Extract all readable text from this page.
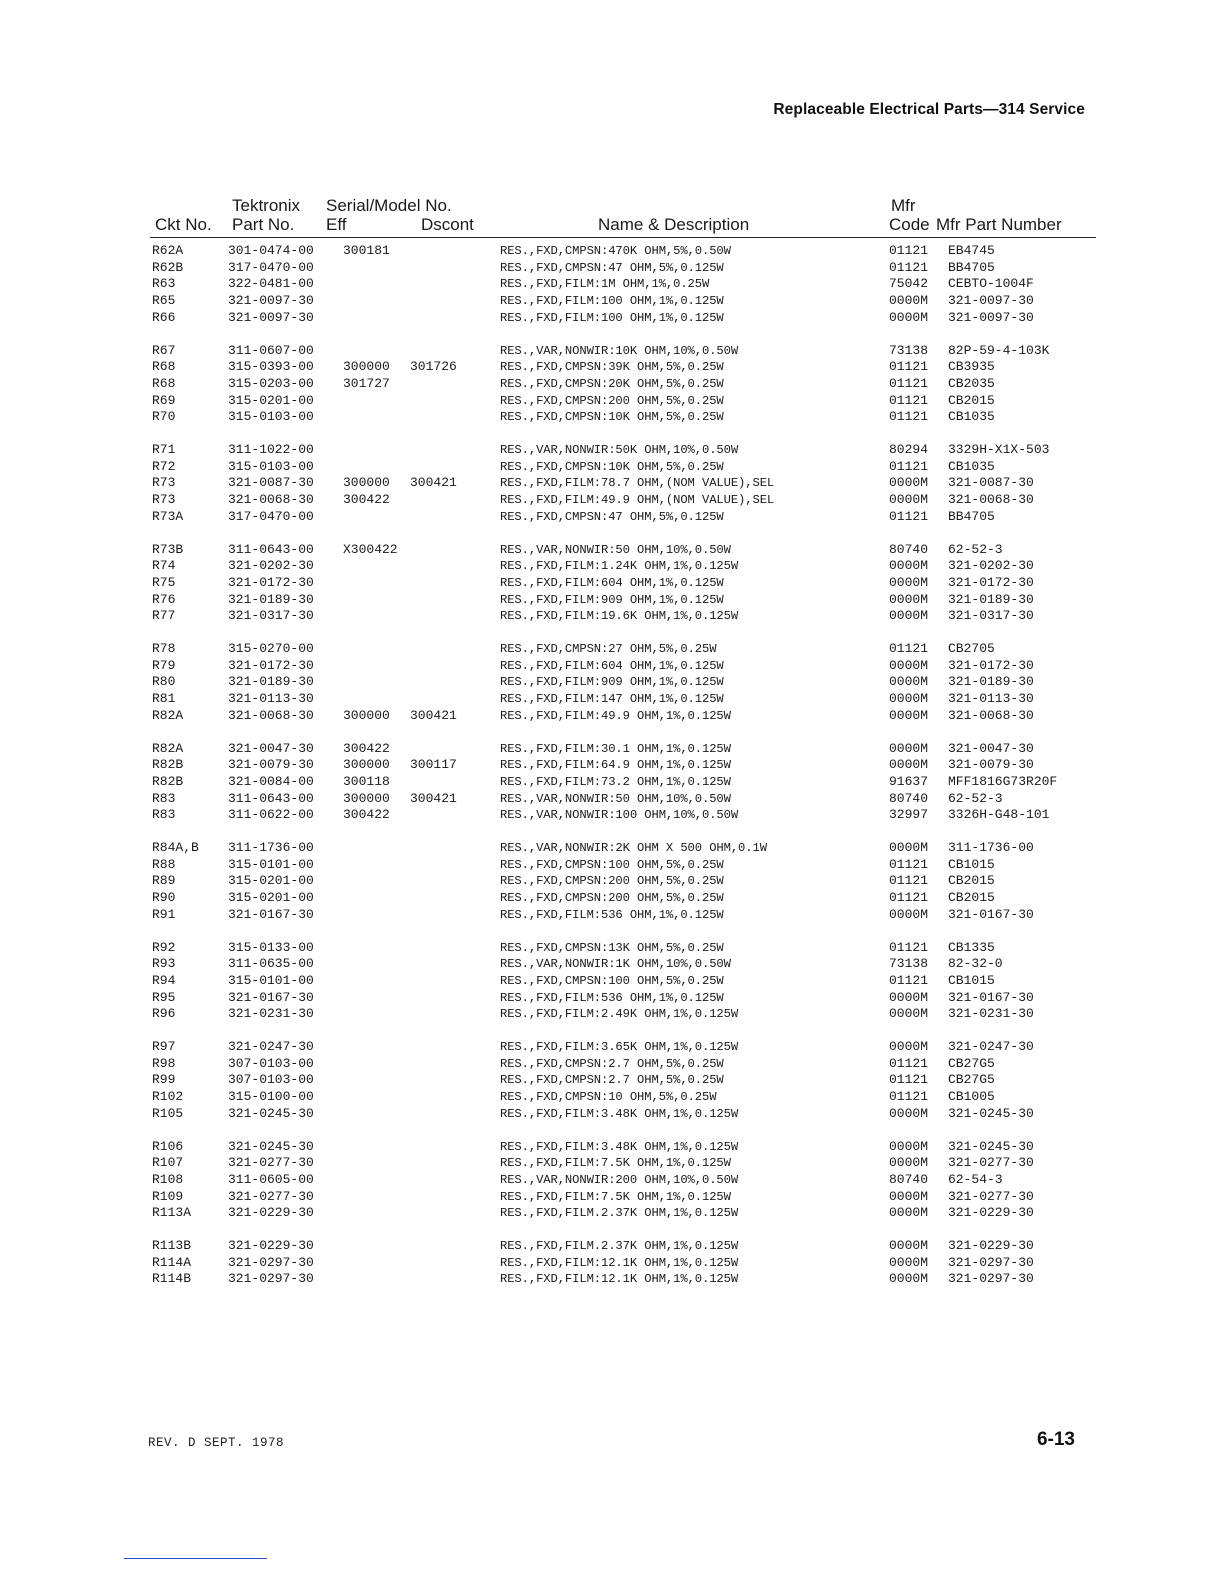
Replaceable Electrical Parts—314 Service
Tektronix Serial/Model No.	Mfr
Ckt No. Part No. Eff	Dscont	Name & Description	Code Mfr Part Number
R62A	301-0474-00 300181	RES.,FXD,CMPSN:470K OHM,5%,0.50W	01121 EB4745
R62B	317-0470-00	RES.,FXD,CMPSN:47 OHM,5%,0.125W	01121 BB4705
R63	322-0481-00	RES.,FXD,FILM:1M OHM,1%,0.25W	75042 CEBTO-1004F
R65	321-0097-30	RES.,FXD,FILM:100 OHM,1%,0.125W	0000M 321-0097-30
R66	321-0097-30	RES.,FXD,FILM:100 OHM,1%,0.125W	0000M 321-0097-30
R67	311-0607-00	RES.,VAR,NONWIR:10K OHM,10%,0.50W	73138 82P-59-4-103K
R68	315-0393-00 300000 301726	RES.,FXD,CMPSN:39K OHM,5%,0.25W	01121 CB3935
R68	315-0203-00 301727	RES.,FXD,CMPSN:20K OHM,5%,0.25W	01121 CB2035
R69	315-0201-00	RES.,FXD,CMPSN:200 OHM,5%,0.25W	01121 CB2015
R70	315-0103-00	RES.,FXD,CMPSN:10K OHM,5%,0.25W	01121 CB1035
R71	311-1022-00	RES.,VAR,NONWIR:50K OHM,10%,0.50W	80294 3329H-X1X-503
R72	315-0103-00	RES.,FXD,CMPSN:10K OHM,5%,0.25W	01121 CB1035
R73	321-0087-30 300000 300421	RES.,FXD,FILM:78.7 OHM,(NOM VALUE),SEL	0000M 321-0087-30
R73	321-0068-30 300422	RES.,FXD,FILM:49.9 OHM,(NOM VALUE),SEL	0000M 321-0068-30
R73A	317-0470-00	RES.,FXD,CMPSN:47 OHM,5%,0.125W	01121 BB4705
R73B	311-0643-00 X300422	RES.,VAR,NONWIR:50 OHM,10%,0.50W	80740 62-52-3
R74	321-0202-30	RES.,FXD,FILM:1.24K OHM,1%,0.125W	0000M 321-0202-30
R75	321-0172-30	RES.,FXD,FILM:604 OHM,1%,0.125W	0000M 321-0172-30
R76	321-0189-30	RES.,FXD,FILM:909 OHM,1%,0.125W	0000M 321-0189-30
R77	321-0317-30	RES.,FXD,FILM:19.6K OHM,1%,0.125W	0000M 321-0317-30
R78	315-0270-00	RES.,FXD,CMPSN:27 OHM,5%,0.25W	01121 CB2705
R79	321-0172-30	RES.,FXD,FILM:604 OHM,1%,0.125W	0000M 321-0172-30
R80	321-0189-30	RES.,FXD,FILM:909 OHM,1%,0.125W	0000M 321-0189-30
R81	321-0113-30	RES.,FXD,FILM:147 OHM,1%,0.125W	0000M 321-0113-30
R82A	321-0068-30 300000 300421	RES.,FXD,FILM:49.9 OHM,1%,0.125W	0000M 321-0068-30
R82A	321-0047-30 300422	RES.,FXD,FILM:30.1 OHM,1%,0.125W	0000M 321-0047-30
R82B	321-0079-30 300000 300117	RES.,FXD,FILM:64.9 OHM,1%,0.125W	0000M 321-0079-30
R82B	321-0084-00 300118	RES.,FXD,FILM:73.2 OHM,1%,0.125W	91637 MFF1816G73R20F
R83	311-0643-00 300000 300421	RES.,VAR,NONWIR:50 OHM,10%,0.50W	80740 62-52-3
R83	311-0622-00 300422	RES.,VAR,NONWIR:100 OHM,10%,0.50W	32997 3326H-G48-101
R84A,B 311-1736-00	RES.,VAR,NONWIR:2K OHM X 500 OHM,0.1W	0000M 311-1736-00
R88	315-0101-00	RES.,FXD,CMPSN:100 OHM,5%,0.25W	01121 CB1015
R89	315-0201-00	RES.,FXD,CMPSN:200 OHM,5%,0.25W	01121 CB2015
R90	315-0201-00	RES.,FXD,CMPSN:200 OHM,5%,0.25W	01121 CB2015
R91	321-0167-30	RES.,FXD,FILM:536 OHM,1%,0.125W	0000M 321-0167-30
R92	315-0133-00	RES.,FXD,CMPSN:13K OHM,5%,0.25W	01121 CB1335
R93	311-0635-00	RES.,VAR,NONWIR:1K OHM,10%,0.50W	73138 82-32-0
R94	315-0101-00	RES.,FXD,CMPSN:100 OHM,5%,0.25W	01121 CB1015
R95	321-0167-30	RES.,FXD,FILM:536 OHM,1%,0.125W	0000M 321-0167-30
R96	321-0231-30	RES.,FXD,FILM:2.49K OHM,1%,0.125W	0000M 321-0231-30
R97	321-0247-30	RES.,FXD,FILM:3.65K OHM,1%,0.125W	0000M 321-0247-30
R98	307-0103-00	RES.,FXD,CMPSN:2.7 OHM,5%,0.25W	01121 CB27G5
R99	307-0103-00	RES.,FXD,CMPSN:2.7 OHM,5%,0.25W	01121 CB27G5
R102	315-0100-00	RES.,FXD,CMPSN:10 OHM,5%,0.25W	01121 CB1005
R105	321-0245-30	RES.,FXD,FILM:3.48K OHM,1%,0.125W	0000M 321-0245-30
R106	321-0245-30	RES.,FXD,FILM:3.48K OHM,1%,0.125W	0000M 321-0245-30
R107	321-0277-30	RES.,FXD,FILM:7.5K OHM,1%,0.125W	0000M 321-0277-30
R108	311-0605-00	RES.,VAR,NONWIR:200 OHM,10%,0.50W	80740 62-54-3
R109	321-0277-30	RES.,FXD,FILM:7.5K OHM,1%,0.125W	0000M 321-0277-30
R113A	321-0229-30	RES.,FXD,FILM.2.37K OHM,1%,0.125W	0000M 321-0229-30
R113B	321-0229-30	RES.,FXD,FILM.2.37K OHM,1%,0.125W	0000M 321-0229-30
R114A	321-0297-30	RES.,FXD,FILM:12.1K OHM,1%,0.125W	0000M 321-0297-30
R114B	321-0297-30	RES.,FXD,FILM:12.1K OHM,1%,0.125W	0000M 321-0297-30
REV. D SEPT. 1978	6-13
